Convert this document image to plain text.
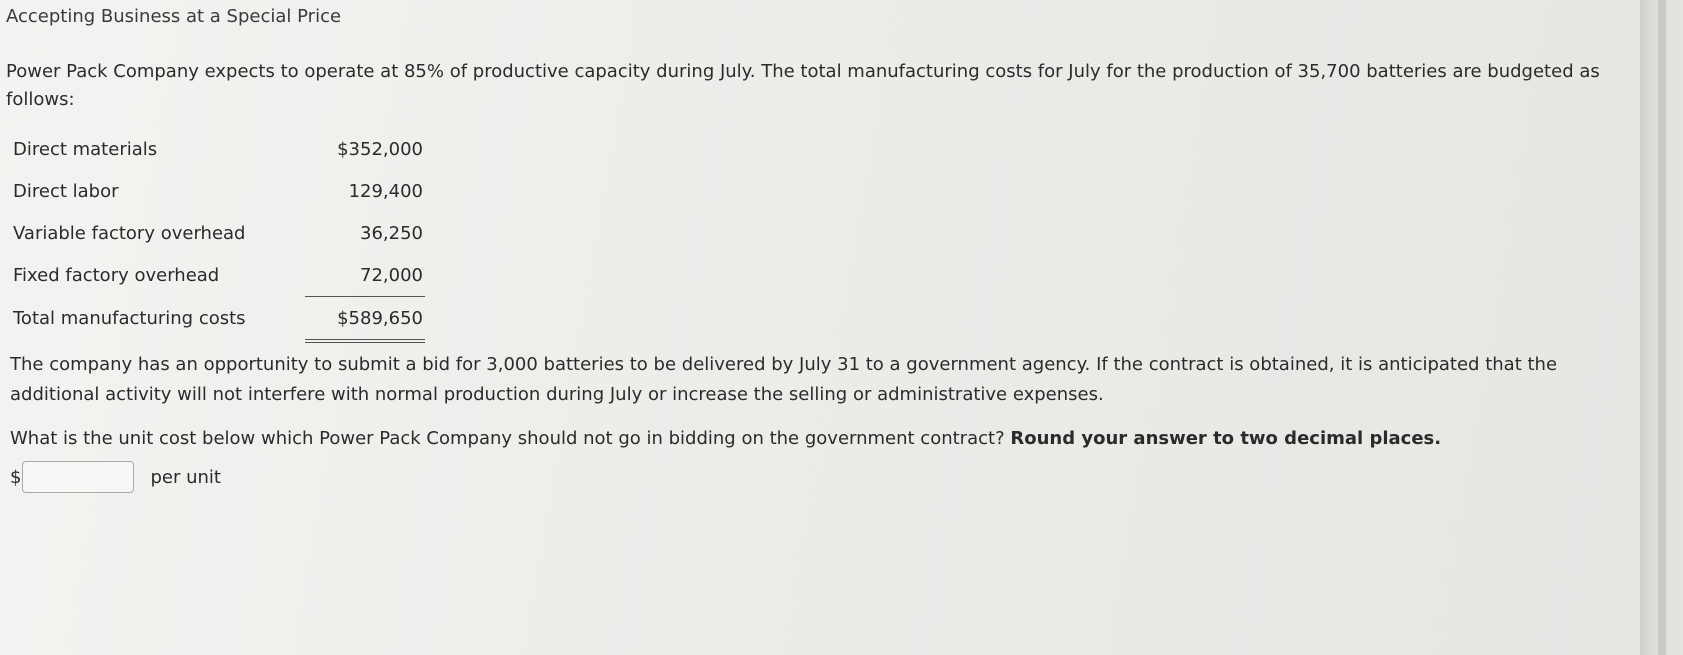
Accepting Business at a Special Price
Power Pack Company expects to operate at 85% of productive capacity during July. The total manufacturing costs for July for the production of 35,700 batteries are budgeted as follows:
Direct materials	$352,000
Direct labor	129,400
Variable factory overhead	36,250
Fixed factory overhead	72,000
Total manufacturing costs	$589,650
The company has an opportunity to submit a bid for 3,000 batteries to be delivered by July 31 to a government agency. If the contract is obtained, it is anticipated that the additional activity will not interfere with normal production during July or increase the selling or administrative expenses.
What is the unit cost below which Power Pack Company should not go in bidding on the government contract? Round your answer to two decimal places.
$	per unit
